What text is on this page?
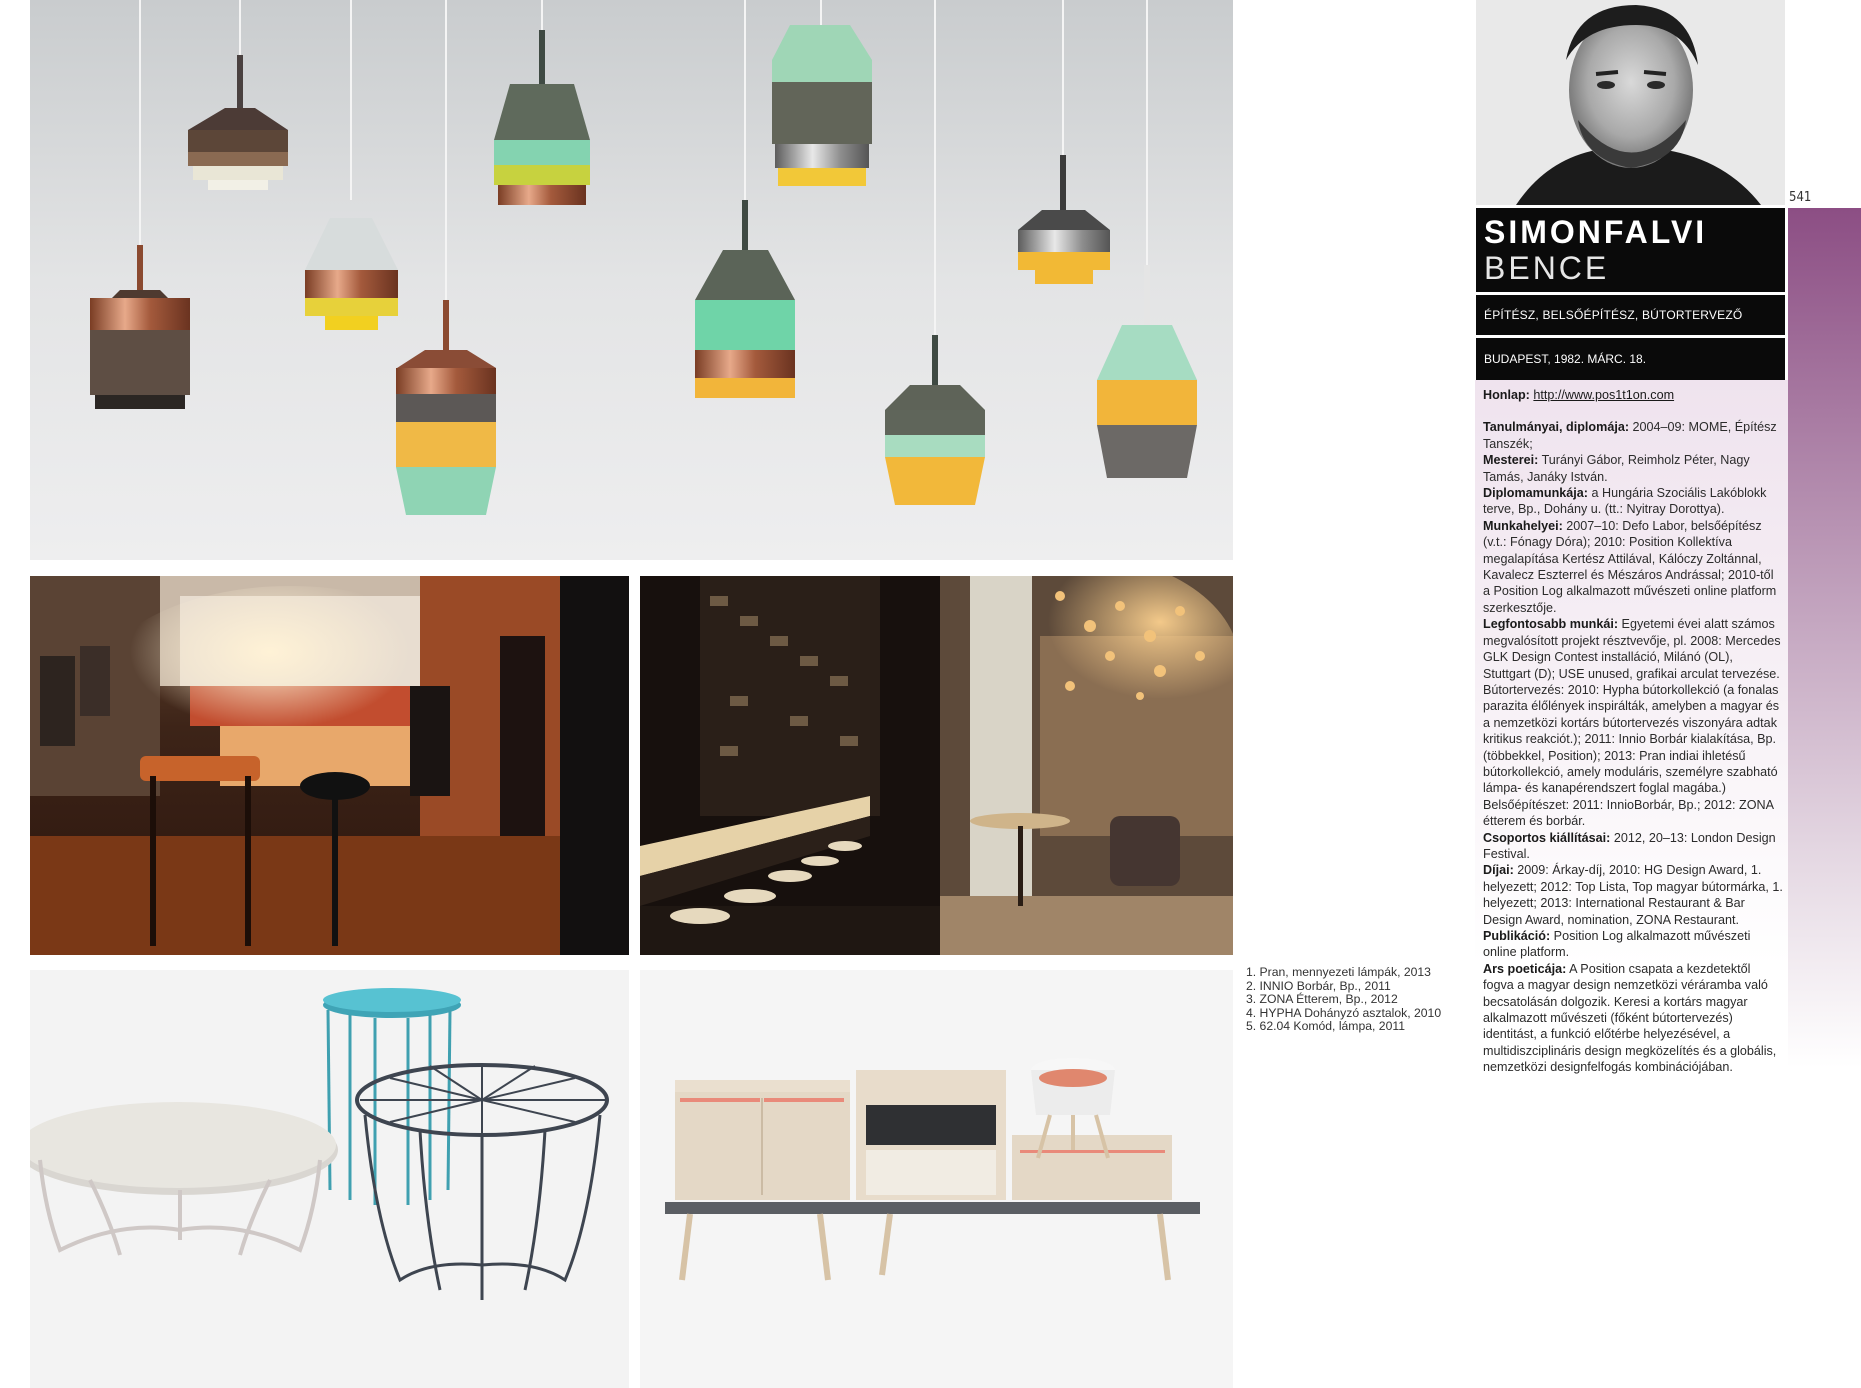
541
SIMONFALVI
BENCE
ÉPÍTÉSZ, BELSŐÉPÍTÉSZ, BÚTORTERVEZŐ
BUDAPEST, 1982. MÁRC. 18.

Honlap: http://www.pos1t1on.com

Tanulmányai, diplomája: 2004–09: MOME, Építész Tanszék;

Mesterei: Turányi Gábor, Reimholz Péter, Nagy Tamás, Janáky István.

Diplomamunkája: a Hungária Szociális Lakóblokk terve, Bp., Dohány u. (tt.: Nyitray Dorottya).

Munkahelyei: 2007–10: Defo Labor, belsőépítész (v.t.: Fónagy Dóra); 2010: Position Kollektíva megalapítása Kertész Attilával, Kálóczy Zoltánnal, Kavalecz Eszterrel és Mészáros Andrással; 2010-től a Position Log alkalmazott művészeti online platform szerkesztője.

Legfontosabb munkái: Egyetemi évei alatt számos megvalósított projekt résztvevője, pl. 2008: Mercedes GLK Design Contest installáció, Milánó (OL), Stuttgart (D); USE unused, grafikai arculat tervezése. Bútortervezés: 2010: Hypha bútorkollekció (a fonalas parazita élőlények inspirálták, amelyben a magyar és a nemzetközi kortárs bútortervezés viszonyára adtak kritikus reakciót.); 2011: Innio Borbár kialakítása, Bp. (többekkel, Position); 2013: Pran indiai ihletésű bútorkollekció, amely moduláris, személyre szabható lámpa- és kanapérendszert foglal magába.) Belsőépítészet: 2011: InnioBorbár, Bp.; 2012: ZONA étterem és borbár.

Csoportos kiállításai: 2012, 20–13: London Design Festival.

Díjai: 2009: Árkay-díj, 2010: HG Design Award, 1. helyezett; 2012: Top Lista, Top magyar bútormárka, 1. helyezett; 2013: International Restaurant & Bar Design Award, nomination, ZONA Restaurant.

Publikáció: Position Log alkalmazott művészeti online platform.

Ars poeticája: A Position csapata a kezdetektől fogva a magyar design nemzetközi véráramba való becsatolásán dolgozik. Keresi a kortárs magyar alkalmazott művészeti (főként bútortervezés) identitást, a funkció előtérbe helyezésével, a multidiszciplináris design megközelítés és a globális, nemzetközi designfelfogás kombinációjában.

1. Pran, mennyezeti lámpák, 2013
2. INNIO Borbár, Bp., 2011
3. ZONA Étterem, Bp., 2012
4. HYPHA Dohányzó asztalok, 2010
5. 62.04 Komód, lámpa, 2011
